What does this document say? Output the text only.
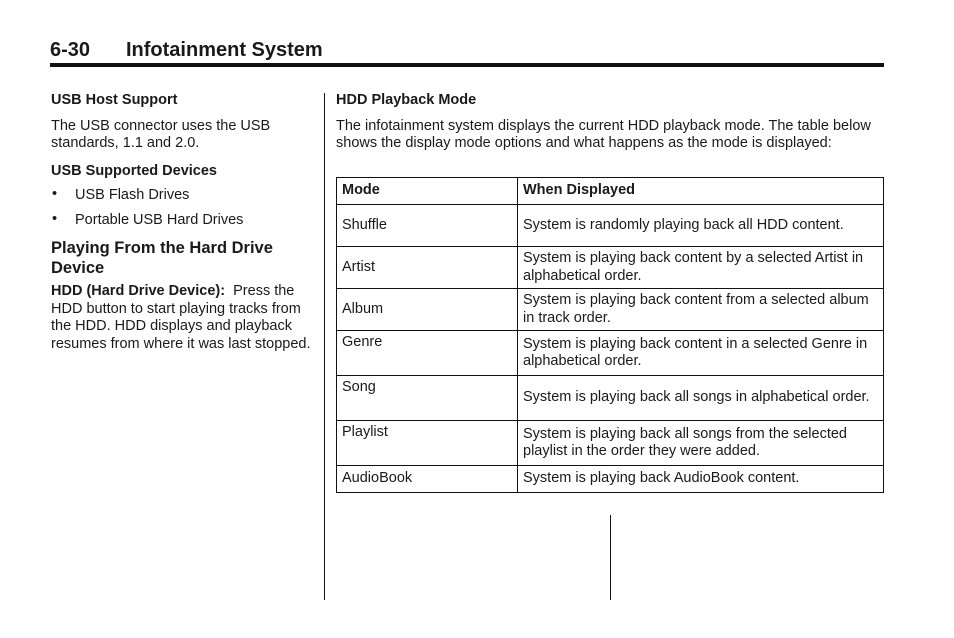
6-30 Infotainment System

USB Host Support

The USB connector uses the USB standards, 1.1 and 2.0.

USB Supported Devices

• USB Flash Drives
• Portable USB Hard Drives

Playing From the Hard Drive Device

HDD (Hard Drive Device): Press the HDD button to start playing tracks from the HDD. HDD displays and playback resumes from where it was last stopped.

HDD Playback Mode

The infotainment system displays the current HDD playback mode. The table below shows the display mode options and what happens as the mode is displayed:

Mode	When Displayed
Shuffle	System is randomly playing back all HDD content.
Artist	System is playing back content by a selected Artist in alphabetical order.
Album	System is playing back content from a selected album in track order.
Genre	System is playing back content in a selected Genre in alphabetical order.
Song	System is playing back all songs in alphabetical order.
Playlist	System is playing back all songs from the selected playlist in the order they were added.
AudioBook	System is playing back AudioBook content.
